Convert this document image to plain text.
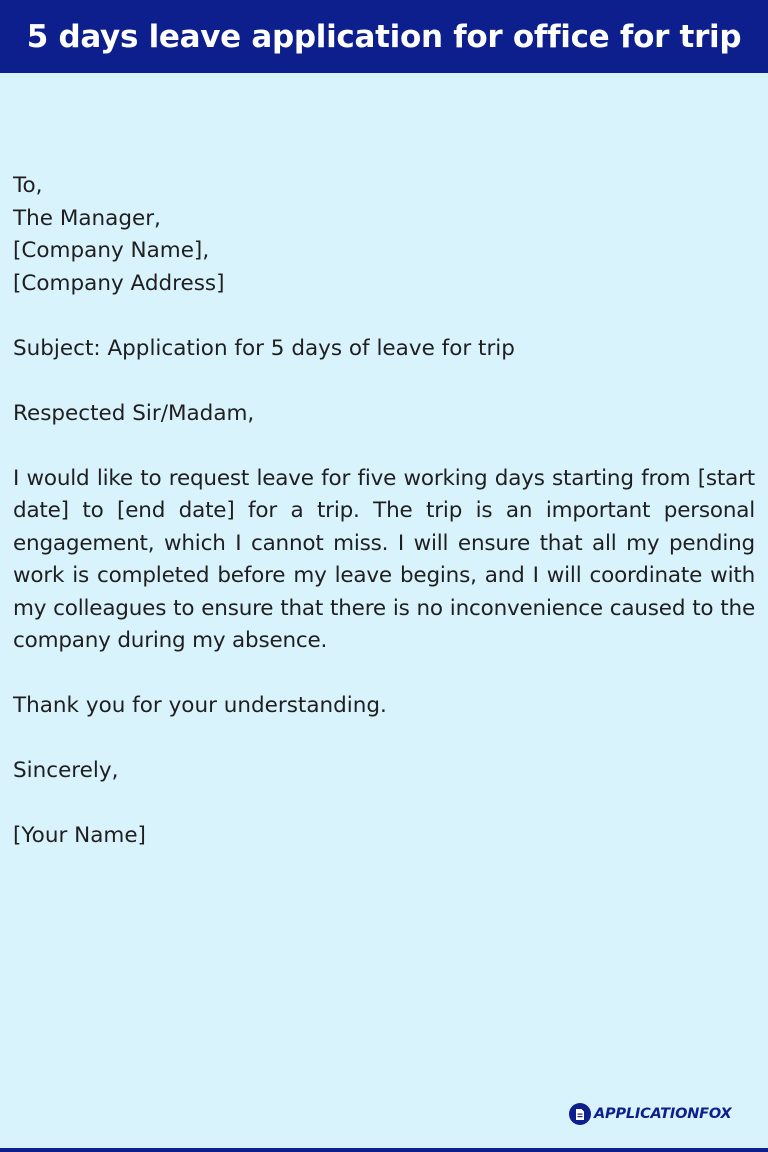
5 days leave application for office for trip
To,
The Manager,
[Company Name],
[Company Address]
Subject: Application for 5 days of leave for trip
Respected Sir/Madam,
I would like to request leave for five working days starting from [start date] to [end date] for a trip. The trip is an important personal engagement, which I cannot miss. I will ensure that all my pending work is completed before my leave begins, and I will coordinate with my colleagues to ensure that there is no inconvenience caused to the company during my absence.
Thank you for your understanding.
Sincerely,
[Your Name]
APPLICATIONFOX
